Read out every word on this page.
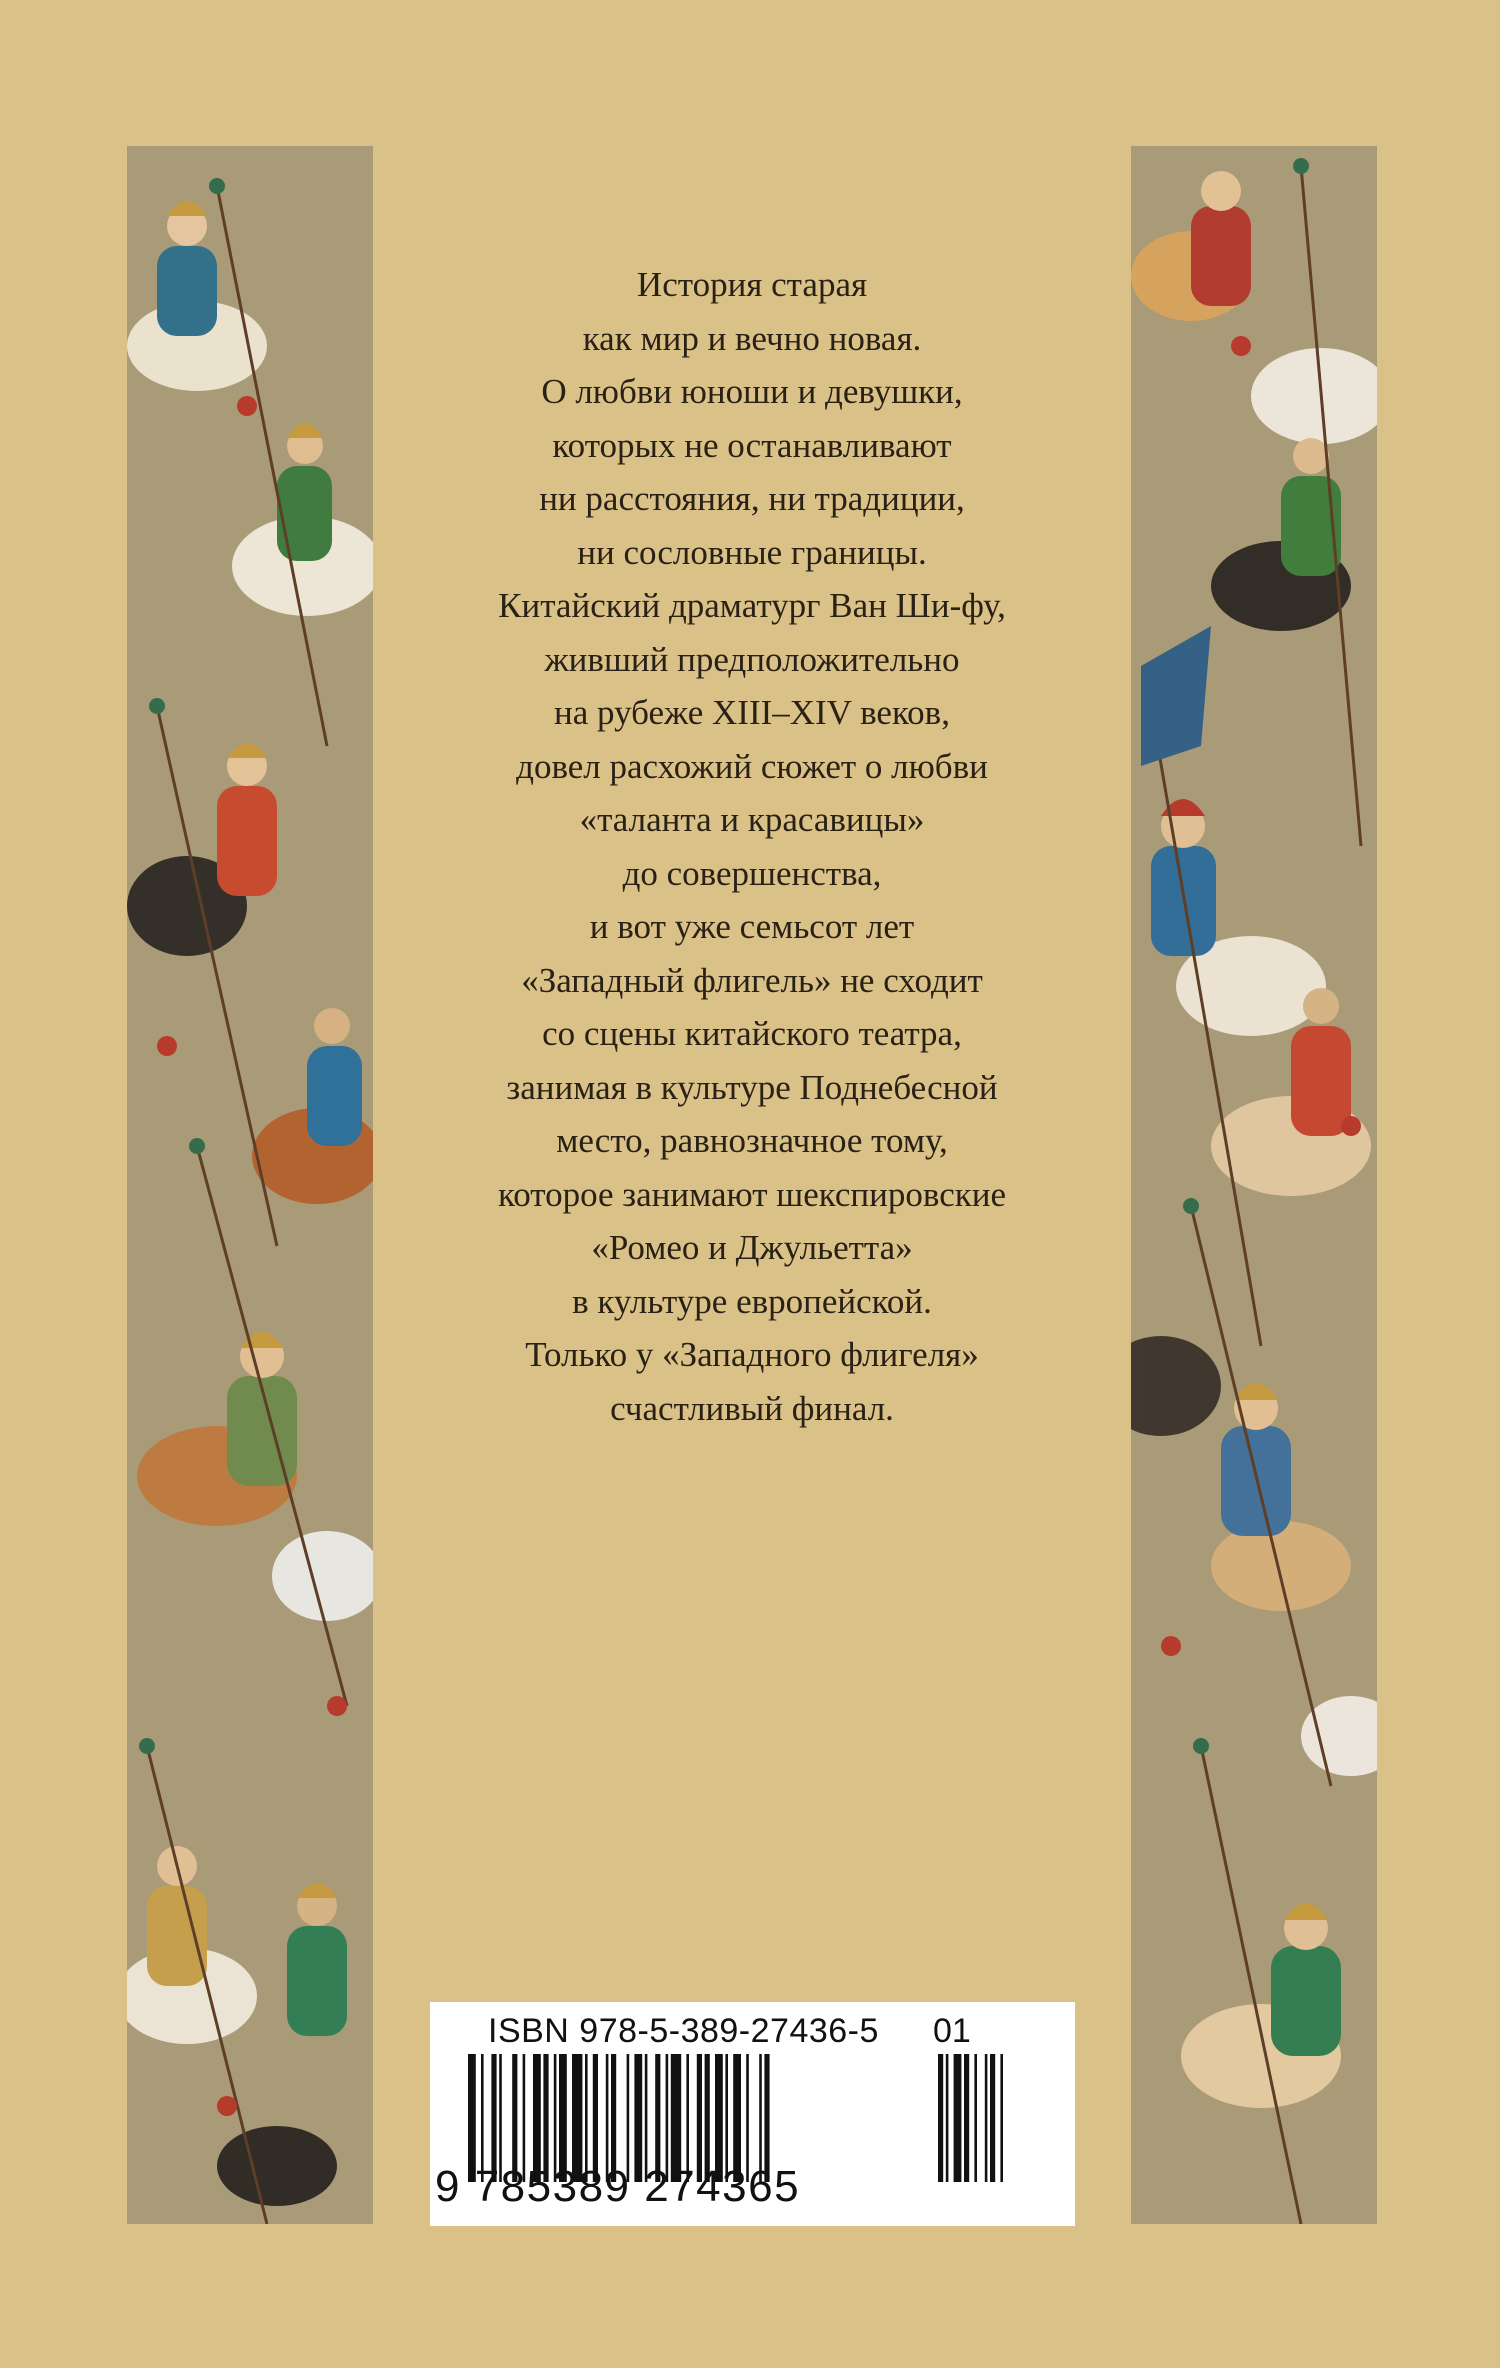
История старая
как мир и вечно новая.
О любви юноши и девушки,
которых не останавливают
ни расстояния, ни традиции,
ни сословные границы.
Китайский драматург Ван Ши-фу,
живший предположительно
на рубеже XIII–XIV веков,
довел расхожий сюжет о любви
«таланта и красавицы»
до совершенства,
и вот уже семьсот лет
«Западный флигель» не сходит
со сцены китайского театра,
занимая в культуре Поднебесной
место, равнозначное тому,
которое занимают шекспировские
«Ромео и Джульетта»
в культуре европейской.
Только у «Западного флигеля»
счастливый финал.
ISBN 978-5-389-27436-5 01
9 785389 274365
